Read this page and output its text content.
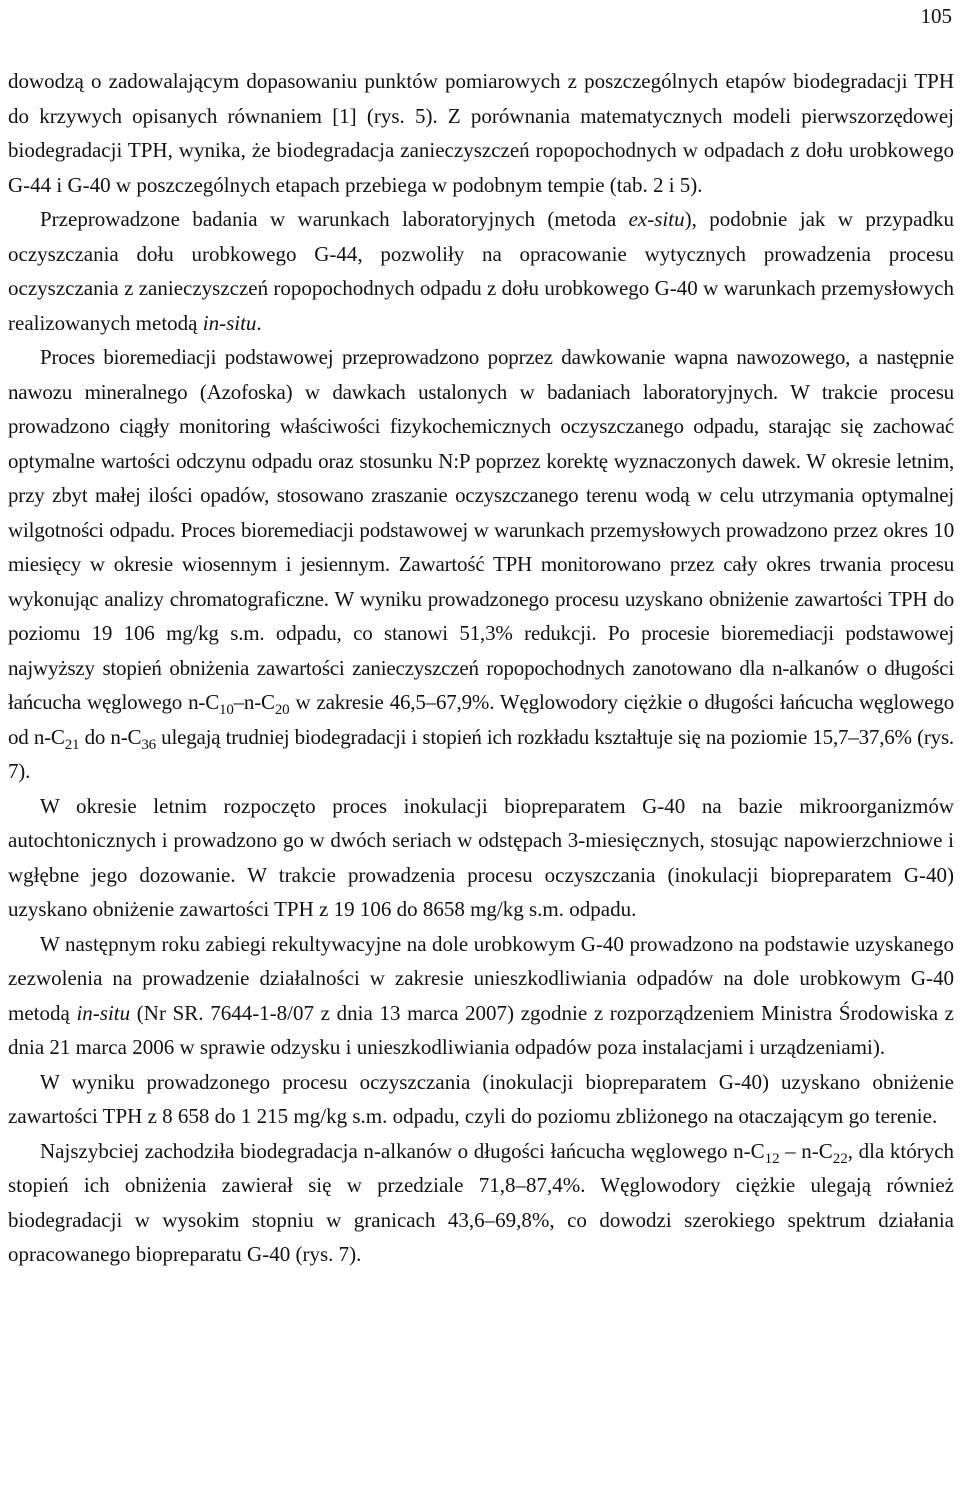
105

dowodzą o zadowalającym dopasowaniu punktów pomiarowych z poszczególnych etapów biodegradacji TPH do krzywych opisanych równaniem [1] (rys. 5). Z porównania matematycznych modeli pierwszorzędowej biodegradacji TPH, wynika, że biodegradacja zanieczyszczeń ropopochodnych w odpadach z dołu urobkowego G-44 i G-40 w poszczególnych etapach przebiega w podobnym tempie (tab. 2 i 5).

Przeprowadzone badania w warunkach laboratoryjnych (metoda ex-situ), podobnie jak w przypadku oczyszczania dołu urobkowego G-44, pozwoliły na opracowanie wytycznych prowadzenia procesu oczyszczania z zanieczyszczeń ropopochodnych odpadu z dołu urobkowego G-40 w warunkach przemysłowych realizowanych metodą in-situ.

Proces bioremediacji podstawowej przeprowadzono poprzez dawkowanie wapna nawozowego, a następnie nawozu mineralnego (Azofoska) w dawkach ustalonych w badaniach laboratoryjnych. W trakcie procesu prowadzono ciągły monitoring właściwości fizykochemicznych oczyszczanego odpadu, starając się zachować optymalne wartości odczynu odpadu oraz stosunku N:P poprzez korektę wyznaczonych dawek. W okresie letnim, przy zbyt małej ilości opadów, stosowano zraszanie oczyszczanego terenu wodą w celu utrzymania optymalnej wilgotności odpadu. Proces bioremediacji podstawowej w warunkach przemysłowych prowadzono przez okres 10 miesięcy w okresie wiosennym i jesiennym. Zawartość TPH monitorowano przez cały okres trwania procesu wykonując analizy chromatograficzne. W wyniku prowadzonego procesu uzyskano obniżenie zawartości TPH do poziomu 19 106 mg/kg s.m. odpadu, co stanowi 51,3% redukcji. Po procesie bioremediacji podstawowej najwyższy stopień obniżenia zawartości zanieczyszczeń ropopochodnych zanotowano dla n-alkanów o długości łańcucha węglowego $n-C_{10}-n-C_{20}$ w zakresie 46,5–67,9%. Węglowodory ciężkie o długości łańcucha węglowego od $n-C_{21}$ do $n-C_{36}$ ulegają trudniej biodegradacji i stopień ich rozkładu kształtuje się na poziomie 15,7–37,6% (rys. 7).

W okresie letnim rozpoczęto proces inokulacji biopreparatem G-40 na bazie mikroorganizmów autochtonicznych i prowadzono go w dwóch seriach w odstępach 3-miesięcznych, stosując napowierzchniowe i wgłębne jego dozowanie. W trakcie prowadzenia procesu oczyszczania (inokulacji biopreparatem G-40) uzyskano obniżenie zawartości TPH z 19 106 do 8658 mg/kg s.m. odpadu.

W następnym roku zabiegi rekultywacyjne na dole urobkowym G-40 prowadzono na podstawie uzyskanego zezwolenia na prowadzenie działalności w zakresie unieszkodliwiania odpadów na dole urobkowym G-40 metodą in-situ (Nr SR. 7644-1-8/07 z dnia 13 marca 2007) zgodnie z rozporządzeniem Ministra Środowiska z dnia 21 marca 2006 w sprawie odzysku i unieszkodliwiania odpadów poza instalacjami i urządzeniami).

W wyniku prowadzonego procesu oczyszczania (inokulacji biopreparatem G-40) uzyskano obniżenie zawartości TPH z 8 658 do 1 215 mg/kg s.m. odpadu, czyli do poziomu zbliżonego na otaczającym go terenie.

Najszybciej zachodziła biodegradacja n-alkanów o długości łańcucha węglowego $n-C_{12} - n-C_{22}$, dla których stopień ich obniżenia zawierał się w przedziale 71,8–87,4%. Węglowodory ciężkie ulegają również biodegradacji w wysokim stopniu w granicach 43,6–69,8%, co dowodzi szerokiego spektrum działania opracowanego biopreparatu G-40 (rys. 7).
